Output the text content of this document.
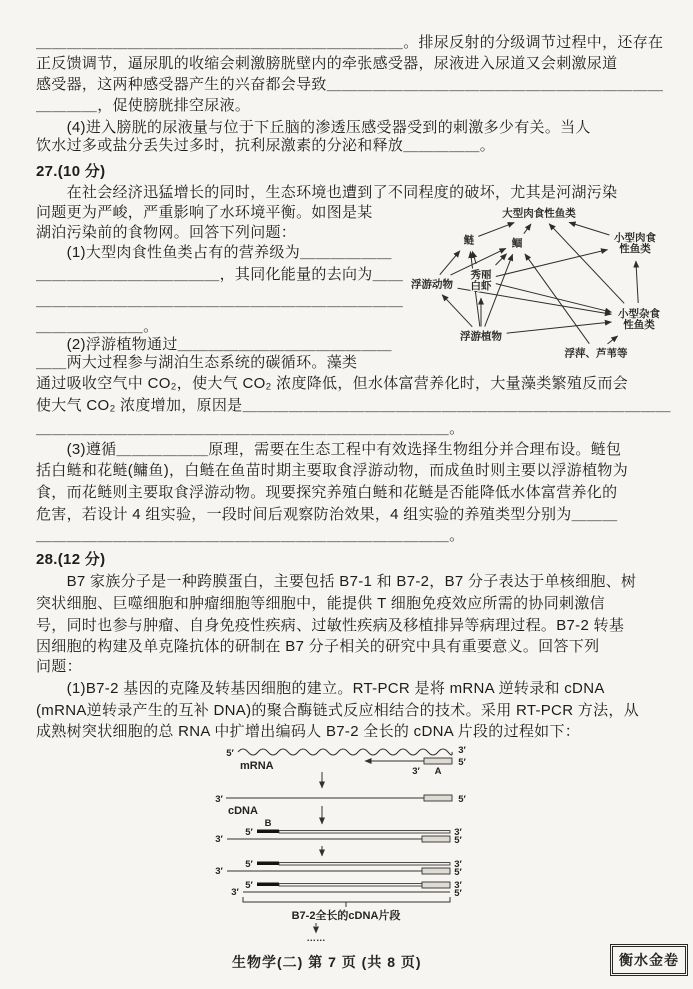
27.(10 分)
28.(12 分)
大型肉食性鱼类
鲢	鲴	小型肉食性鱼类
浮游动物
秀丽白虾
小型杂食性鱼类
浮游植物
浮萍、芦苇等
5′	3′
mRNA	3′ A
5′
3′	5′
cDNA
B
5′	3′
3′	5′
5′	3′
3′	5′
5′	3′
3′	5′
B7-2全长的cDNA片段
……
生物学(二) 第 7 页 (共 8 页)	衡水金卷
＿＿＿＿＿＿＿＿＿＿＿＿＿＿＿＿＿＿＿＿＿＿＿＿。排尿反射的分级调节过程中，还存在
正反馈调节，逼尿肌的收缩会刺激膀胱壁内的牵张感受器，尿液进入尿道又会刺激尿道
感受器，这两种感受器产生的兴奋都会导致＿＿＿＿＿＿＿＿＿＿＿＿＿＿＿＿＿＿＿＿＿＿
＿＿＿＿，促使膀胱排空尿液。
　　(4)进入膀胱的尿液量与位于下丘脑的渗透压感受器受到的刺激多少有关。当人
饮水过多或盐分丢失过多时，抗利尿激素的分泌和释放＿＿＿＿＿。
　　在社会经济迅猛增长的同时，生态环境也遭到了不同程度的破坏，尤其是河湖污染
问题更为严峻，严重影响了水环境平衡。如图是某
湖泊污染前的食物网。回答下列问题：
　　(1)大型肉食性鱼类占有的营养级为＿＿＿＿＿＿
＿＿＿＿＿＿＿＿＿＿＿＿，其同化能量的去向为＿＿
＿＿＿＿＿＿＿＿＿＿＿＿＿＿＿＿＿＿＿＿＿＿＿＿
＿＿＿＿＿＿＿。
　　(2)浮游植物通过＿＿＿＿＿＿＿＿＿＿＿＿＿＿
＿＿两大过程参与湖泊生态系统的碳循环。藻类
通过吸收空气中 CO₂，使大气 CO₂ 浓度降低，但水体富营养化时，大量藻类繁殖反而会
使大气 CO₂ 浓度增加，原因是＿＿＿＿＿＿＿＿＿＿＿＿＿＿＿＿＿＿＿＿＿＿＿＿＿＿＿＿
＿＿＿＿＿＿＿＿＿＿＿＿＿＿＿＿＿＿＿＿＿＿＿＿＿＿＿。
　　(3)遵循＿＿＿＿＿＿原理，需要在生态工程中有效选择生物组分并合理布设。鲢包
括白鲢和花鲢(鳙鱼)，白鲢在鱼苗时期主要取食浮游动物，而成鱼时则主要以浮游植物为
食，而花鲢则主要取食浮游动物。现要探究养殖白鲢和花鲢是否能降低水体富营养化的
危害，若设计 4 组实验，一段时间后观察防治效果，4 组实验的养殖类型分别为＿＿＿
＿＿＿＿＿＿＿＿＿＿＿＿＿＿＿＿＿＿＿＿＿＿＿＿＿＿＿。
　　B7 家族分子是一种跨膜蛋白，主要包括 B7-1 和 B7-2，B7 分子表达于单核细胞、树
突状细胞、巨噬细胞和肿瘤细胞等细胞中，能提供 T 细胞免疫效应所需的协同刺激信
号，同时也参与肿瘤、自身免疫性疾病、过敏性疾病及移植排异等病理过程。B7-2 转基
因细胞的构建及单克隆抗体的研制在 B7 分子相关的研究中具有重要意义。回答下列
问题：
　　(1)B7-2 基因的克隆及转基因细胞的建立。RT-PCR 是将 mRNA 逆转录和 cDNA
(mRNA逆转录产生的互补 DNA)的聚合酶链式反应相结合的技术。采用 RT-PCR 方法，从
成熟树突状细胞的总 RNA 中扩增出编码人 B7-2 全长的 cDNA 片段的过程如下：
